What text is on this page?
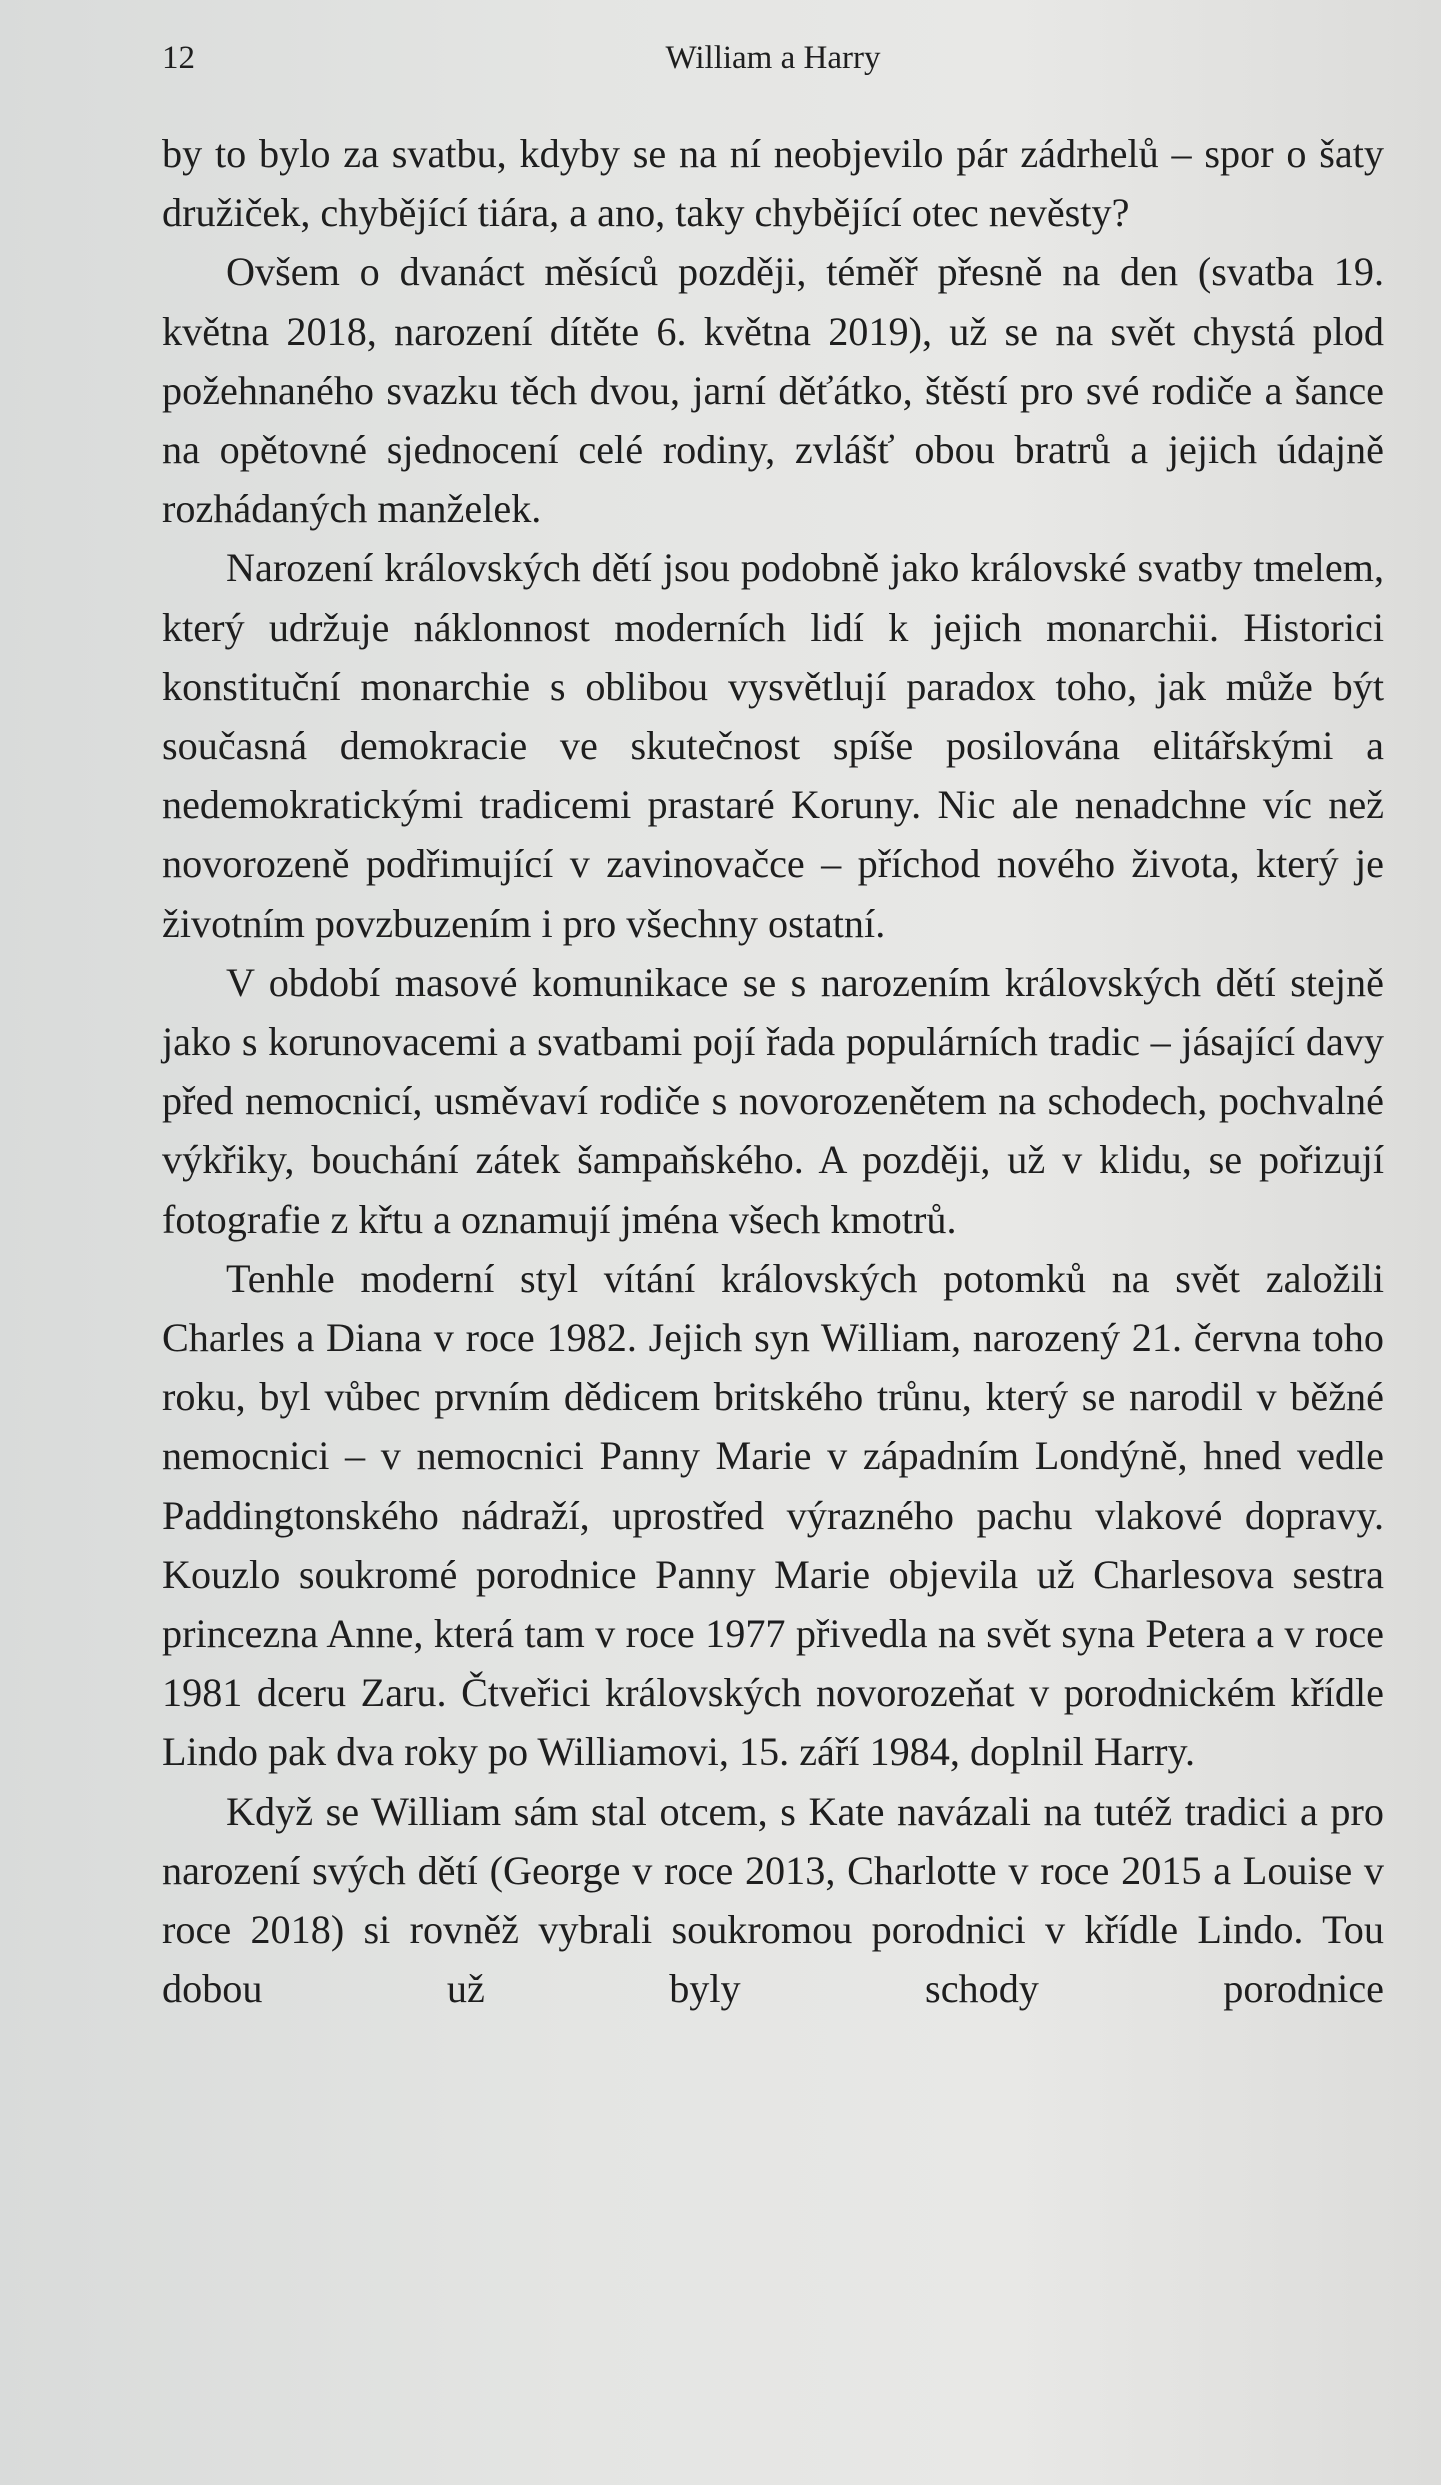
12	William a Harry

by to bylo za svatbu, kdyby se na ní neobjevilo pár zádrhelů – spor o šaty družiček, chybějící tiára, a ano, taky chybějící otec nevěsty?

Ovšem o dvanáct měsíců později, téměř přesně na den (svatba 19. května 2018, narození dítěte 6. května 2019), už se na svět chystá plod požehnaného svazku těch dvou, jarní děťátko, štěstí pro své rodiče a šance na opětovné sjednocení celé rodiny, zvlášť obou bratrů a jejich údajně rozhádaných manželek.

Narození královských dětí jsou podobně jako královské svatby tmelem, který udržuje náklonnost moderních lidí k jejich monarchii. Historici konstituční monarchie s oblibou vysvětlují paradox toho, jak může být současná demokracie ve skutečnost spíše posilována elitářskými a nedemokratickými tradicemi prastaré Koruny. Nic ale nenadchne víc než novorozeně podřimující v zavinovačce – příchod nového života, který je životním povzbuzením i pro všechny ostatní.

V období masové komunikace se s narozením královských dětí stejně jako s korunovacemi a svatbami pojí řada populárních tradic – jásající davy před nemocnicí, usměvaví rodiče s novorozenětem na schodech, pochvalné výkřiky, bouchání zátek šampaňského. A později, už v klidu, se pořizují fotografie z křtu a oznamují jména všech kmotrů.

Tenhle moderní styl vítání královských potomků na svět založili Charles a Diana v roce 1982. Jejich syn William, narozený 21. června toho roku, byl vůbec prvním dědicem britského trůnu, který se narodil v běžné nemocnici – v nemocnici Panny Marie v západním Londýně, hned vedle Paddingtonského nádraží, uprostřed výrazného pachu vlakové dopravy. Kouzlo soukromé porodnice Panny Marie objevila už Charlesova sestra princezna Anne, která tam v roce 1977 přivedla na svět syna Petera a v roce 1981 dceru Zaru. Čtveřici královských novorozeňat v porodnickém křídle Lindo pak dva roky po Williamovi, 15. září 1984, doplnil Harry.

Když se William sám stal otcem, s Kate navázali na tutéž tradici a pro narození svých dětí (George v roce 2013, Charlotte v roce 2015 a Louise v roce 2018) si rovněž vybrali soukromou porodnici v křídle Lindo. Tou dobou už byly schody porodnice
